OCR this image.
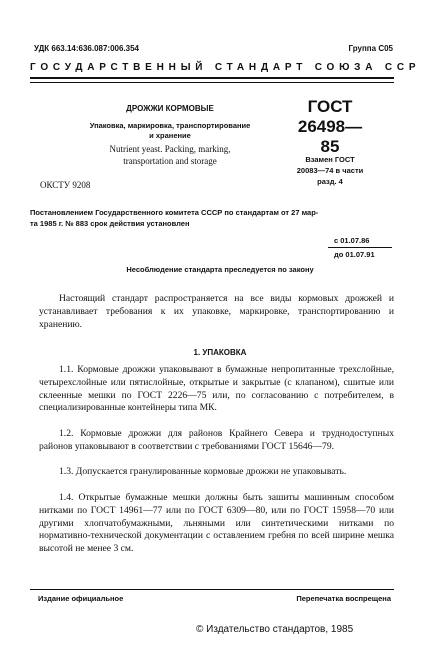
УДК 663.14:636.087:006.354	Группа С05
ГОСУДАРСТВЕННЫЙ СТАНДАРТ СОЮЗА ССР
ДРОЖЖИ КОРМОВЫЕ
Упаковка, маркировка, транспортирование
и хранение
Nutrient yeast. Packing, marking,
transportation and storage
ГОСТ
26498—85
Взамен ГОСТ
20083—74 в части
разд. 4
ОКСТУ 9208
Постановлением Государственного комитета СССР по стандартам от 27 мар-
та 1985 г. № 883 срок действия установлен
с 01.07.86
до 01.07.91
Несоблюдение стандарта преследуется по закону
Настоящий стандарт распространяется на все виды кормовых дрожжей и устанавливает требования к их упаковке, маркировке, транспортированию и хранению.
1. УПАКОВКА
1.1. Кормовые дрожжи упаковывают в бумажные непропитанные трехслойные, четырехслойные или пятислойные, открытые и закрытые (с клапаном), сшитые или склеенные мешки по ГОСТ 2226—75 или, по согласованию с потребителем, в специализированные контейнеры типа МК.
1.2. Кормовые дрожжи для районов Крайнего Севера и труднодоступных районов упаковывают в соответствии с требованиями ГОСТ 15646—79.
1.3. Допускается гранулированные кормовые дрожжи не упаковывать.
1.4. Открытые бумажные мешки должны быть зашиты машинным способом нитками по ГОСТ 14961—77 или по ГОСТ 6309—80, или по ГОСТ 15958—70 или другими хлопчатобумажными, льняными или синтетическими нитками по нормативно-технической документации с оставлением гребня по всей ширине мешка высотой не менее 3 см.
Издание официальное	Перепечатка воспрещена
© Издательство стандартов, 1985
